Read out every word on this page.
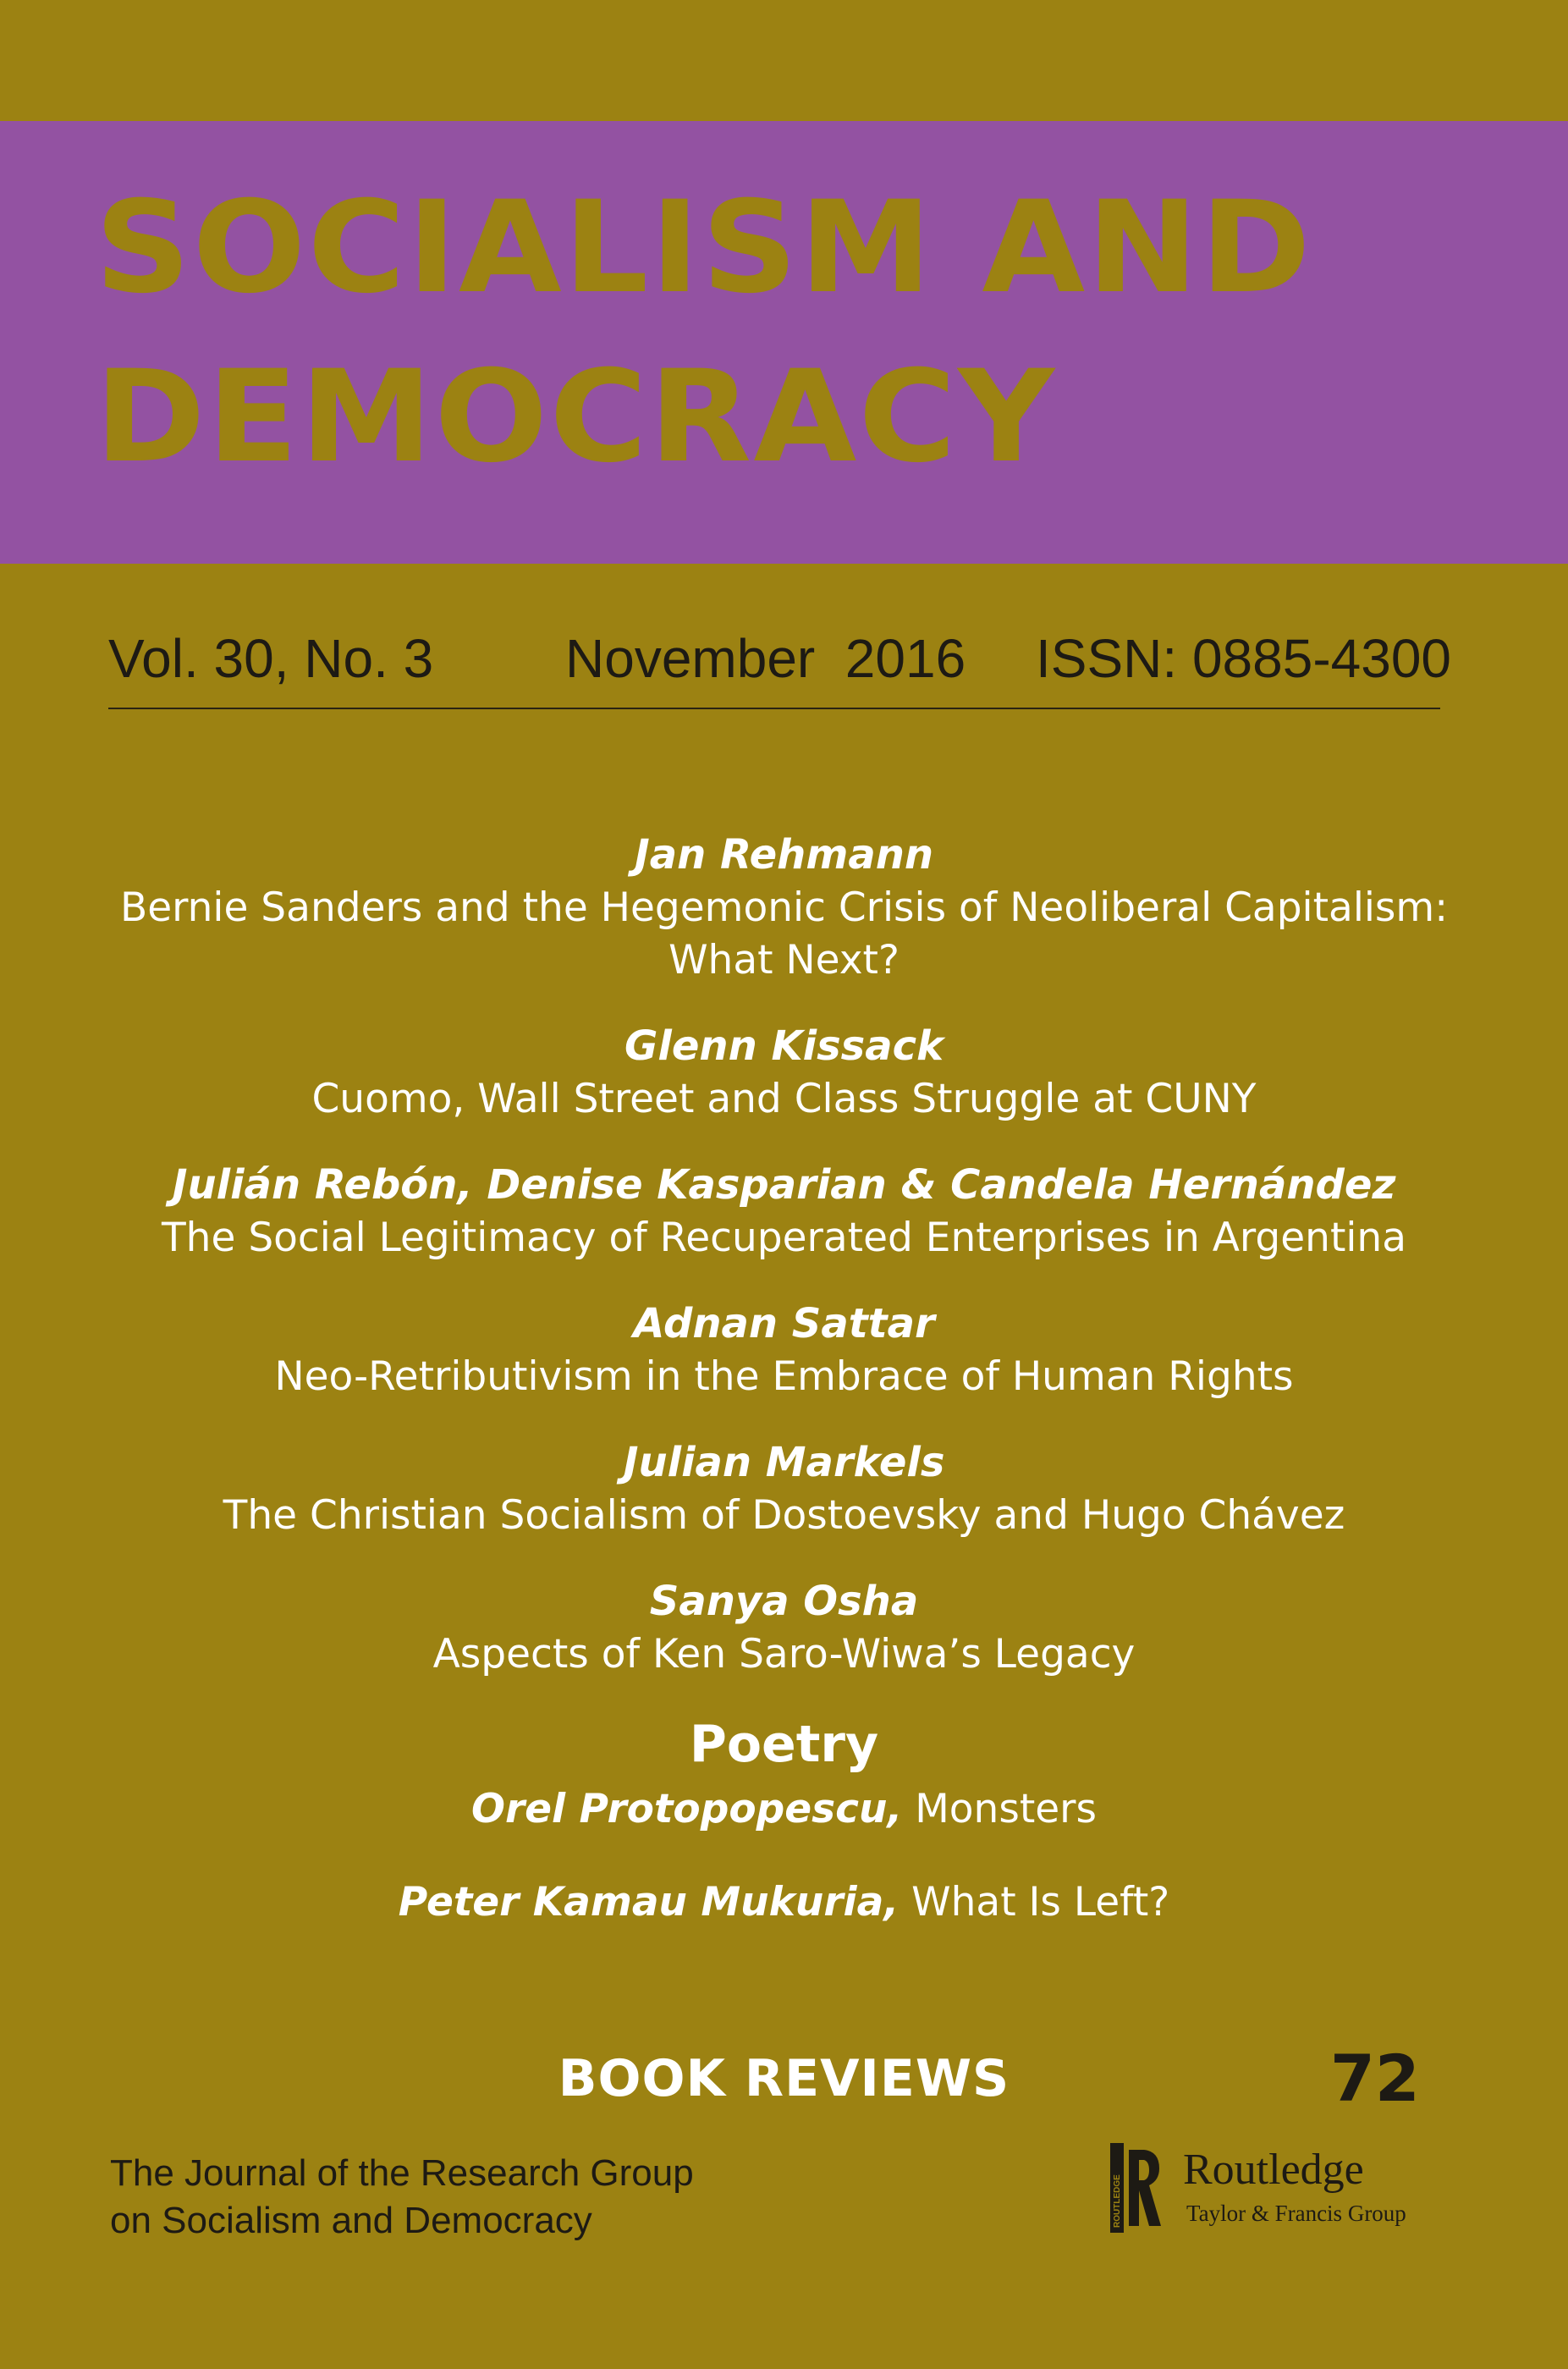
SOCIALISM AND
DEMOCRACY
Vol. 30, No. 3 November  2016 ISSN: 0885-4300
Jan Rehmann
Bernie Sanders and the Hegemonic Crisis of Neoliberal Capitalism:
What Next?
Glenn Kissack
Cuomo, Wall Street and Class Struggle at CUNY
Julián Rebón, Denise Kasparian & Candela Hernández
The Social Legitimacy of Recuperated Enterprises in Argentina
Adnan Sattar
Neo-Retributivism in the Embrace of Human Rights
Julian Markels
The Christian Socialism of Dostoevsky and Hugo Chávez
Sanya Osha
Aspects of Ken Saro-Wiwa’s Legacy
Poetry
Orel Protopopescu, Monsters
Peter Kamau Mukuria, What Is Left?
BOOK REVIEWS	72
The Journal of the Research Group
on Socialism and Democracy	ROUTLEDGE
Routledge
Taylor & Francis Group
